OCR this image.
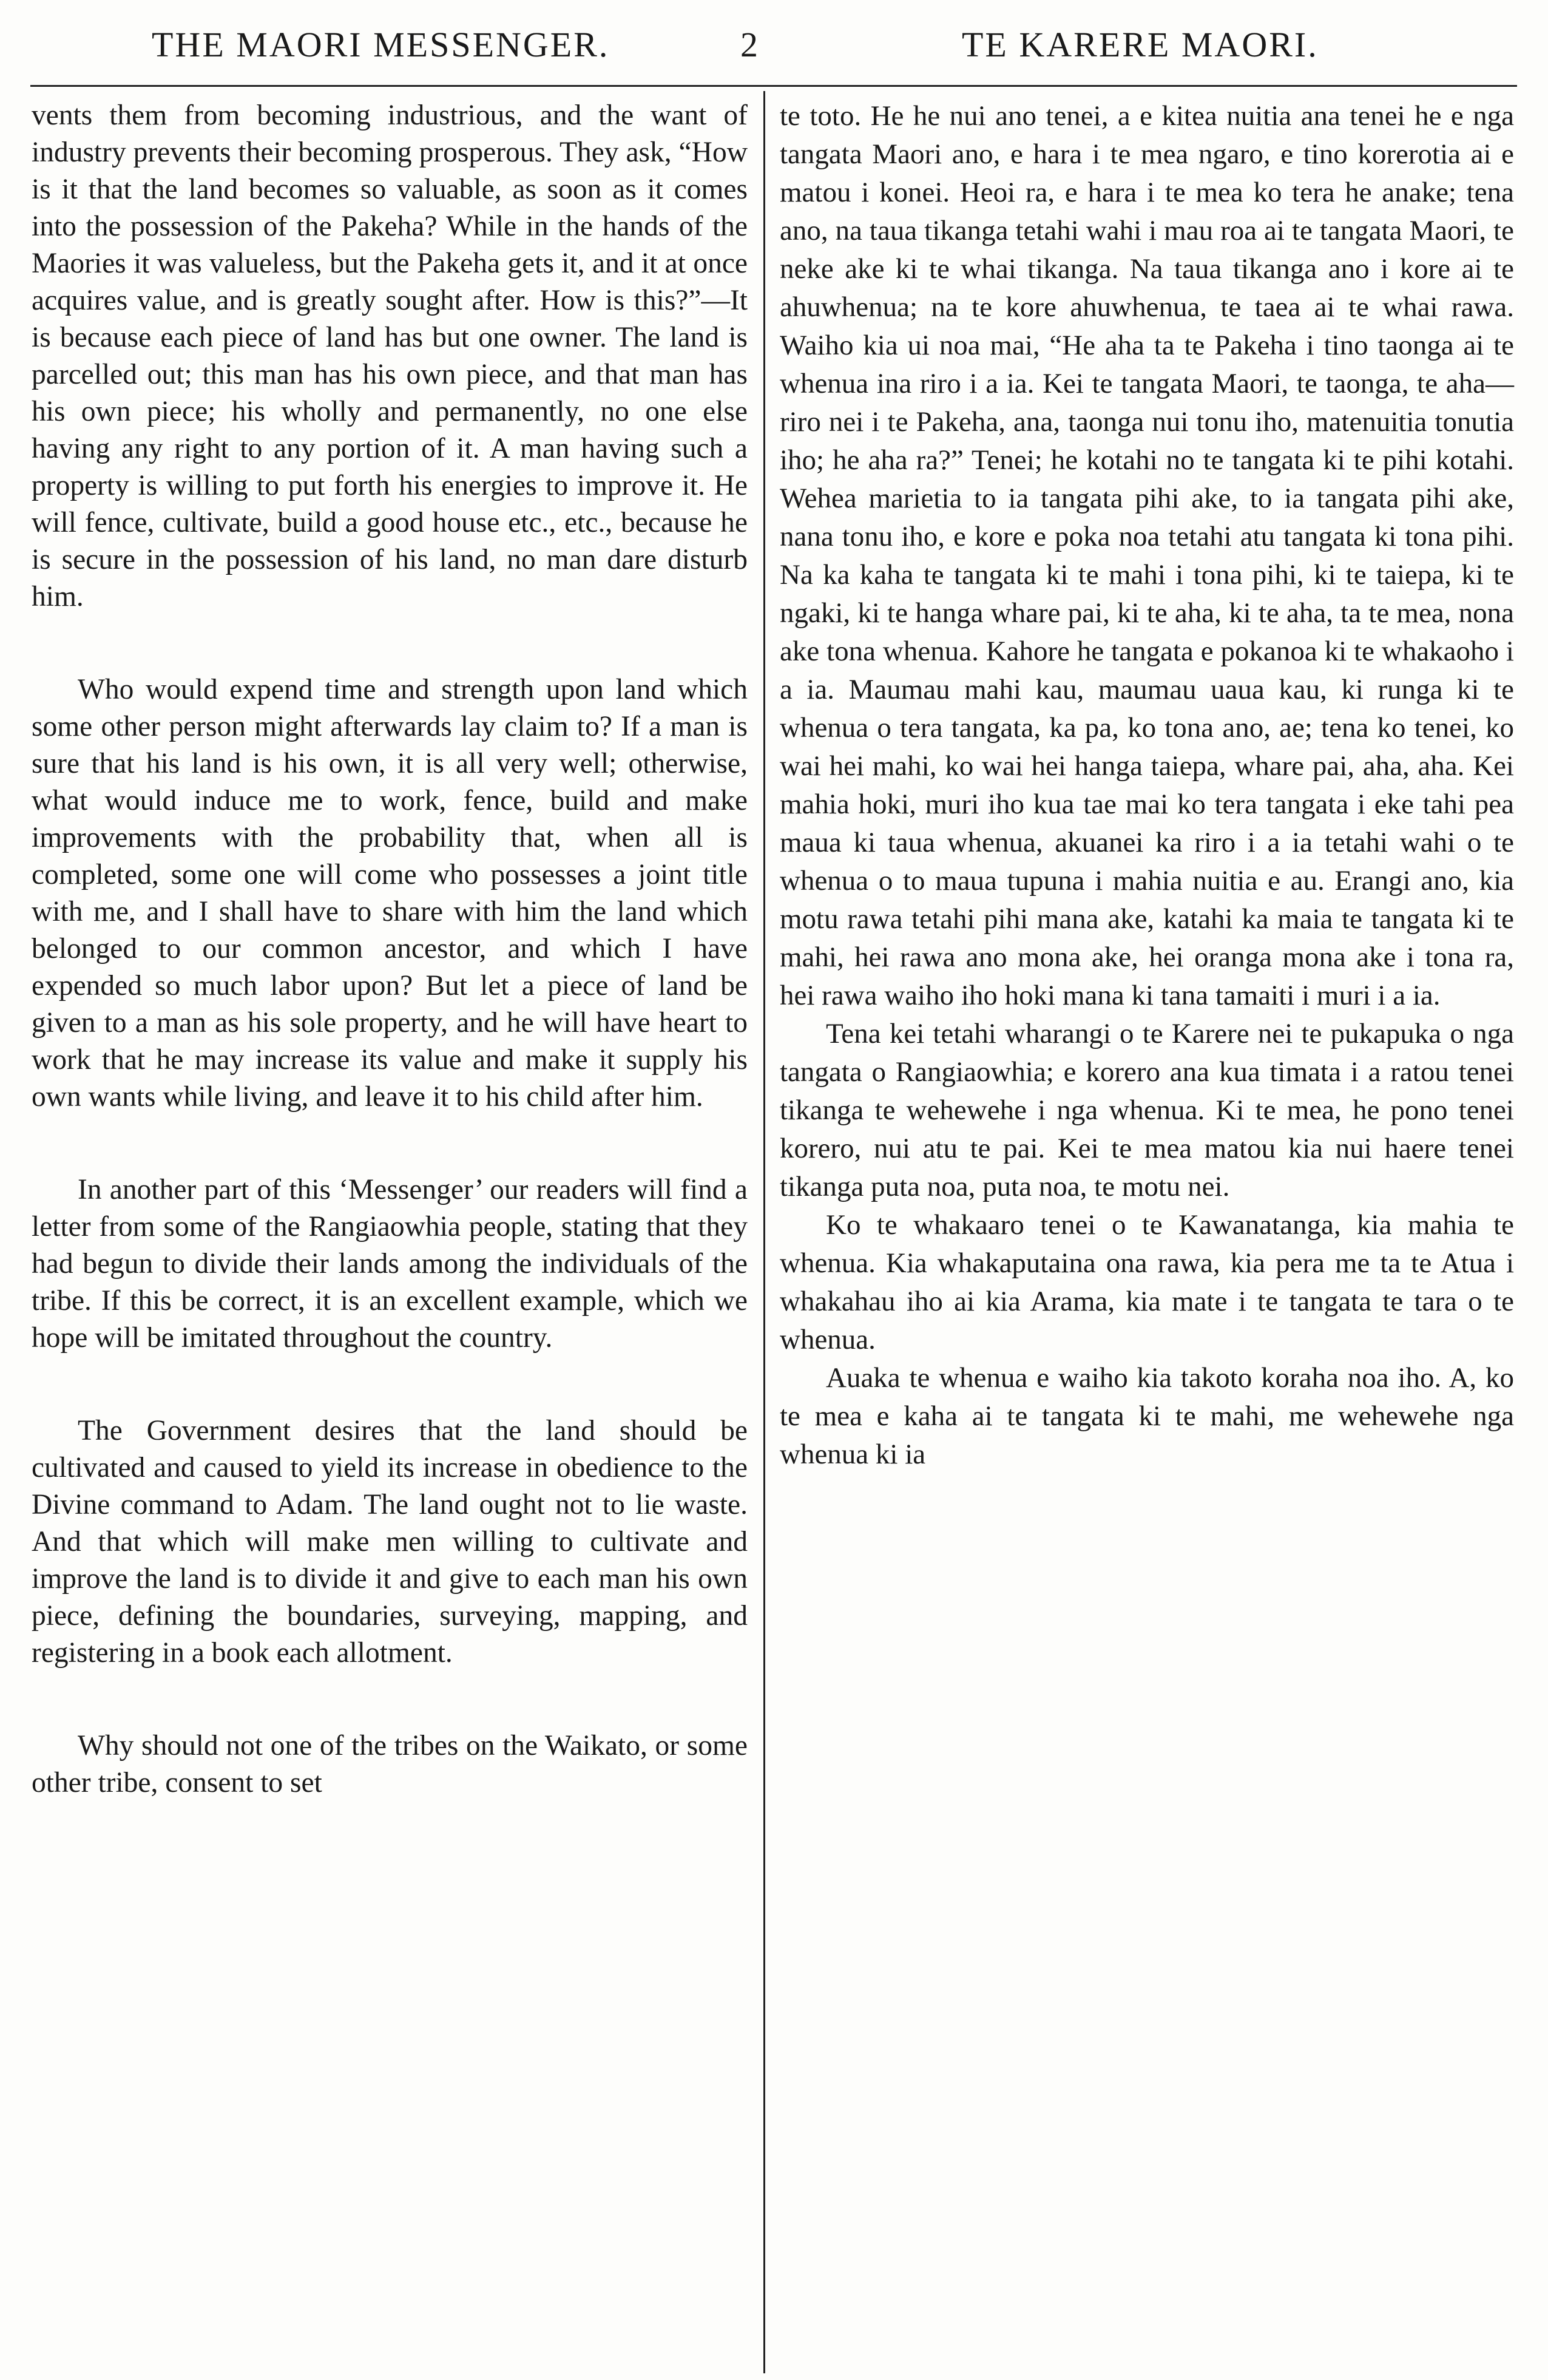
THE MAORI MESSENGER.	2	TE KARERE MAORI.

vents them from becoming industrious, and the want of industry prevents their becoming prosperous. They ask, “How is it that the land becomes so valuable, as soon as it comes into the possession of the Pakeha? While in the hands of the Maories it was valueless, but the Pakeha gets it, and it at once acquires value, and is greatly sought after. How is this?”—It is because each piece of land has but one owner. The land is parcelled out; this man has his own piece, and that man has his own piece; his wholly and permanently, no one else having any right to any portion of it. A man having such a property is willing to put forth his energies to improve it. He will fence, cultivate, build a good house etc., etc., because he is secure in the possession of his land, no man dare disturb him.

Who would expend time and strength upon land which some other person might afterwards lay claim to? If a man is sure that his land is his own, it is all very well; otherwise, what would induce me to work, fence, build and make improvements with the probability that, when all is completed, some one will come who possesses a joint title with me, and I shall have to share with him the land which belonged to our common ancestor, and which I have expended so much labor upon? But let a piece of land be given to a man as his sole property, and he will have heart to work that he may increase its value and make it supply his own wants while living, and leave it to his child after him.

In another part of this ‘Messenger’ our readers will find a letter from some of the Rangiaowhia people, stating that they had begun to divide their lands among the individuals of the tribe. If this be correct, it is an excellent example, which we hope will be imitated throughout the country.

The Government desires that the land should be cultivated and caused to yield its increase in obedience to the Divine command to Adam. The land ought not to lie waste. And that which will make men willing to cultivate and improve the land is to divide it and give to each man his own piece, defining the boundaries, surveying, mapping, and registering in a book each allotment.

Why should not one of the tribes on the Waikato, or some other tribe, consent to set

te toto. He he nui ano tenei, a e kitea nuitia ana tenei he e nga tangata Maori ano, e hara i te mea ngaro, e tino korerotia ai e matou i konei. Heoi ra, e hara i te mea ko tera he anake; tena ano, na taua tikanga tetahi wahi i mau roa ai te tangata Maori, te neke ake ki te whai tikanga. Na taua tikanga ano i kore ai te ahuwhenua; na te kore ahuwhenua, te taea ai te whai rawa. Waiho kia ui noa mai, “He aha ta te Pakeha i tino taonga ai te whenua ina riro i a ia. Kei te tangata Maori, te taonga, te aha—riro nei i te Pakeha, ana, taonga nui tonu iho, matenuitia tonutia iho; he aha ra?” Tenei; he kotahi no te tangata ki te pihi kotahi. Wehea marietia to ia tangata pihi ake, to ia tangata pihi ake, nana tonu iho, e kore e poka noa tetahi atu tangata ki tona pihi. Na ka kaha te tangata ki te mahi i tona pihi, ki te taiepa, ki te ngaki, ki te hanga whare pai, ki te aha, ki te aha, ta te mea, nona ake tona whenua. Kahore he tangata e pokanoa ki te whakaoho i a ia. Maumau mahi kau, maumau uaua kau, ki runga ki te whenua o tera tangata, ka pa, ko tona ano, ae; tena ko tenei, ko wai hei mahi, ko wai hei hanga taiepa, whare pai, aha, aha. Kei mahia hoki, muri iho kua tae mai ko tera tangata i eke tahi pea maua ki taua whenua, akuanei ka riro i a ia tetahi wahi o te whenua o to maua tupuna i mahia nuitia e au. Erangi ano, kia motu rawa tetahi pihi mana ake, katahi ka maia te tangata ki te mahi, hei rawa ano mona ake, hei oranga mona ake i tona ra, hei rawa waiho iho hoki mana ki tana tamaiti i muri i a ia.

Tena kei tetahi wharangi o te Karere nei te pukapuka o nga tangata o Rangiaowhia; e korero ana kua timata i a ratou tenei tikanga te wehewehe i nga whenua. Ki te mea, he pono tenei korero, nui atu te pai. Kei te mea matou kia nui haere tenei tikanga puta noa, puta noa, te motu nei.

Ko te whakaaro tenei o te Kawanatanga, kia mahia te whenua. Kia whakaputaina ona rawa, kia pera me ta te Atua i whakahau iho ai kia Arama, kia mate i te tangata te tara o te whenua.

Auaka te whenua e waiho kia takoto koraha noa iho. A, ko te mea e kaha ai te tangata ki te mahi, me wehewehe nga whenua ki ia
